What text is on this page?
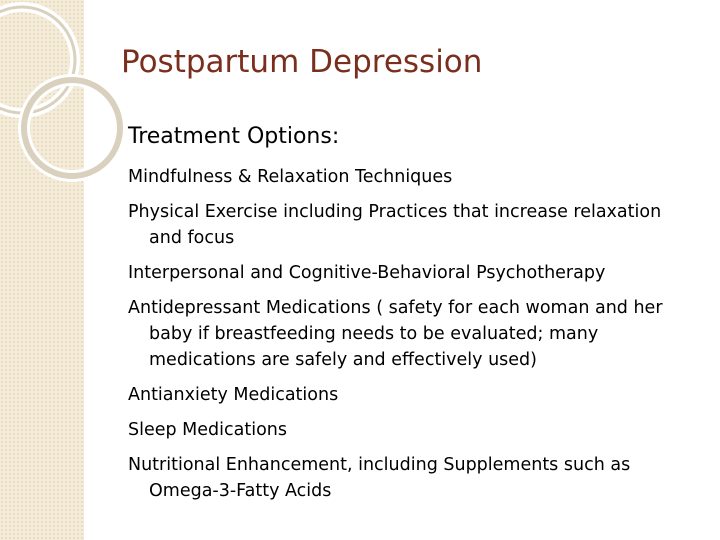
Postpartum Depression
Treatment Options:
Mindfulness & Relaxation Techniques
Physical Exercise including Practices that increase relaxation and focus
Interpersonal and Cognitive-Behavioral Psychotherapy
Antidepressant Medications ( safety for each woman and her baby if breastfeeding needs to be evaluated; many medications are safely and effectively used)
Antianxiety Medications
Sleep Medications
Nutritional Enhancement, including Supplements such as Omega-3-Fatty Acids
